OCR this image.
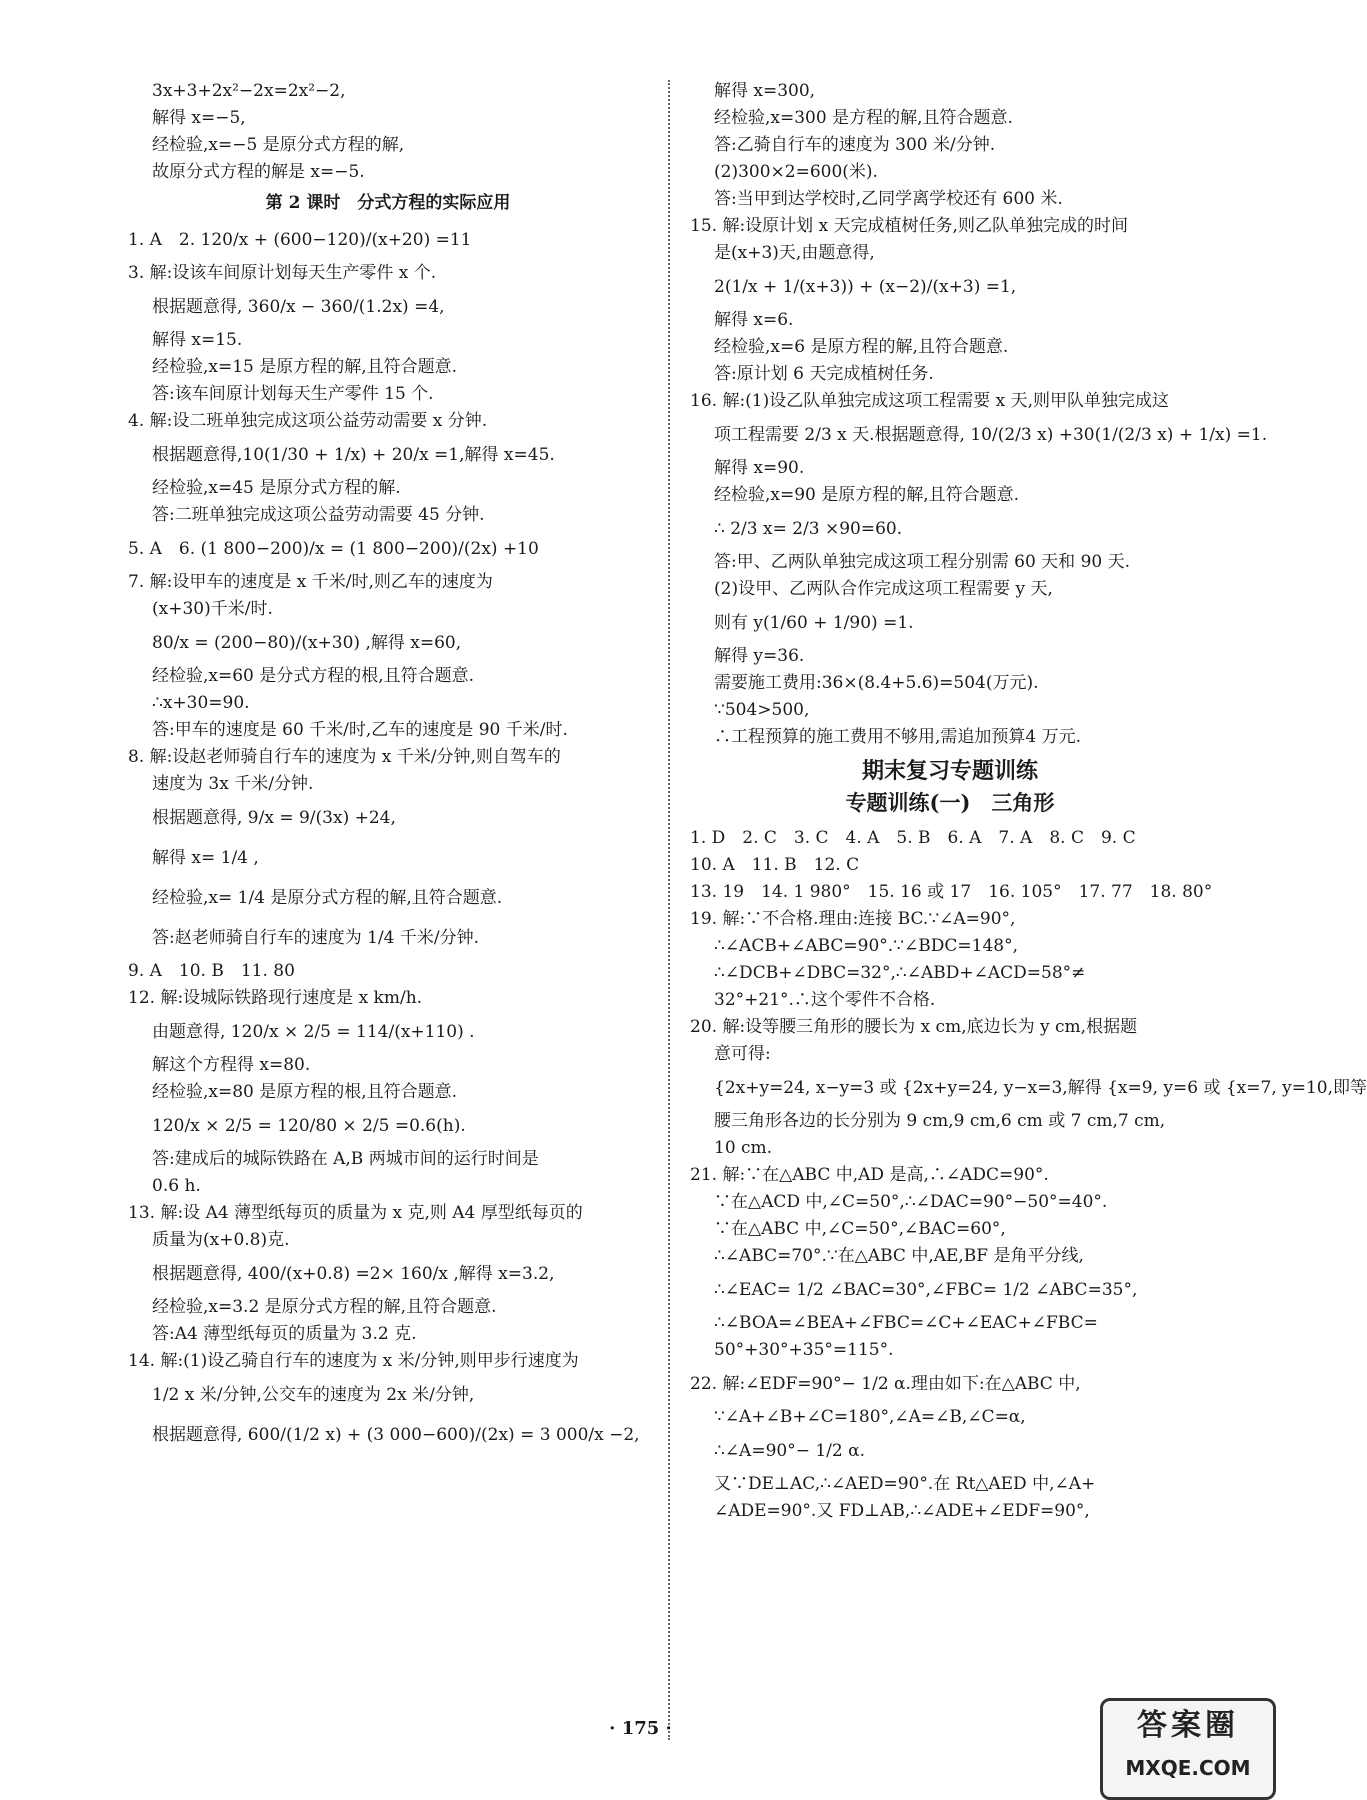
3x+3+2x²−2x=2x²−2,
解得 x=−5,
经检验,x=−5 是原分式方程的解,
故原分式方程的解是 x=−5.
第 2 课时　分式方程的实际应用
1. A　2. 120/x + (600−120)/(x+20) =11
3. 解:设该车间原计划每天生产零件 x 个.
根据题意得, 360/x − 360/(1.2x) =4,
解得 x=15.
经检验,x=15 是原方程的解,且符合题意.
答:该车间原计划每天生产零件 15 个.
4. 解:设二班单独完成这项公益劳动需要 x 分钟.
根据题意得,10(1/30 + 1/x) + 20/x =1,解得 x=45.
经检验,x=45 是原分式方程的解.
答:二班单独完成这项公益劳动需要 45 分钟.
5. A　6. (1 800−200)/x = (1 800−200)/(2x) +10
7. 解:设甲车的速度是 x 千米/时,则乙车的速度为
(x+30)千米/时.
80/x = (200−80)/(x+30) ,解得 x=60,
经检验,x=60 是分式方程的根,且符合题意.
∴x+30=90.
答:甲车的速度是 60 千米/时,乙车的速度是 90 千米/时.
8. 解:设赵老师骑自行车的速度为 x 千米/分钟,则自驾车的
速度为 3x 千米/分钟.
根据题意得, 9/x = 9/(3x) +24,
解得 x= 1/4 ,
经检验,x= 1/4 是原分式方程的解,且符合题意.
答:赵老师骑自行车的速度为 1/4 千米/分钟.
9. A　10. B　11. 80
12. 解:设城际铁路现行速度是 x km/h.
由题意得, 120/x × 2/5 = 114/(x+110) .
解这个方程得 x=80.
经检验,x=80 是原方程的根,且符合题意.
120/x × 2/5 = 120/80 × 2/5 =0.6(h).
答:建成后的城际铁路在 A,B 两城市间的运行时间是
0.6 h.
13. 解:设 A4 薄型纸每页的质量为 x 克,则 A4 厚型纸每页的
质量为(x+0.8)克.
根据题意得, 400/(x+0.8) =2× 160/x ,解得 x=3.2,
经检验,x=3.2 是原分式方程的解,且符合题意.
答:A4 薄型纸每页的质量为 3.2 克.
14. 解:(1)设乙骑自行车的速度为 x 米/分钟,则甲步行速度为
1/2 x 米/分钟,公交车的速度为 2x 米/分钟,
根据题意得, 600/(1/2 x) + (3 000−600)/(2x) = 3 000/x −2,
解得 x=300,
经检验,x=300 是方程的解,且符合题意.
答:乙骑自行车的速度为 300 米/分钟.
(2)300×2=600(米).
答:当甲到达学校时,乙同学离学校还有 600 米.
15. 解:设原计划 x 天完成植树任务,则乙队单独完成的时间
是(x+3)天,由题意得,
2(1/x + 1/(x+3)) + (x−2)/(x+3) =1,
解得 x=6.
经检验,x=6 是原方程的解,且符合题意.
答:原计划 6 天完成植树任务.
16. 解:(1)设乙队单独完成这项工程需要 x 天,则甲队单独完成这
项工程需要 2/3 x 天.根据题意得, 10/(2/3 x) +30(1/(2/3 x) + 1/x) =1.
解得 x=90.
经检验,x=90 是原方程的解,且符合题意.
∴ 2/3 x= 2/3 ×90=60.
答:甲、乙两队单独完成这项工程分别需 60 天和 90 天.
(2)设甲、乙两队合作完成这项工程需要 y 天,
则有 y(1/60 + 1/90) =1.
解得 y=36.
需要施工费用:36×(8.4+5.6)=504(万元).
∵504>500,
∴工程预算的施工费用不够用,需追加预算4 万元.
期末复习专题训练
专题训练(一)　三角形
1. D　2. C　3. C　4. A　5. B　6. A　7. A　8. C　9. C
10. A　11. B　12. C
13. 19　14. 1 980°　15. 16 或 17　16. 105°　17. 77　18. 80°
19. 解:∵不合格.理由:连接 BC.∵∠A=90°,
∴∠ACB+∠ABC=90°.∵∠BDC=148°,
∴∠DCB+∠DBC=32°,∴∠ABD+∠ACD=58°≠
32°+21°.∴这个零件不合格.
20. 解:设等腰三角形的腰长为 x cm,底边长为 y cm,根据题
意可得:
{2x+y=24, x−y=3 或 {2x+y=24, y−x=3,解得 {x=9, y=6 或 {x=7, y=10,即等
腰三角形各边的长分别为 9 cm,9 cm,6 cm 或 7 cm,7 cm,
10 cm.
21. 解:∵在△ABC 中,AD 是高,∴∠ADC=90°.
∵在△ACD 中,∠C=50°,∴∠DAC=90°−50°=40°.
∵在△ABC 中,∠C=50°,∠BAC=60°,
∴∠ABC=70°.∵在△ABC 中,AE,BF 是角平分线,
∴∠EAC= 1/2 ∠BAC=30°,∠FBC= 1/2 ∠ABC=35°,
∴∠BOA=∠BEA+∠FBC=∠C+∠EAC+∠FBC=
50°+30°+35°=115°.
22. 解:∠EDF=90°− 1/2 α.理由如下:在△ABC 中,
∵∠A+∠B+∠C=180°,∠A=∠B,∠C=α,
∴∠A=90°− 1/2 α.
又∵DE⊥AC,∴∠AED=90°.在 Rt△AED 中,∠A+
∠ADE=90°.又 FD⊥AB,∴∠ADE+∠EDF=90°,
· 175 ·	答案圈
MXQE.COM
